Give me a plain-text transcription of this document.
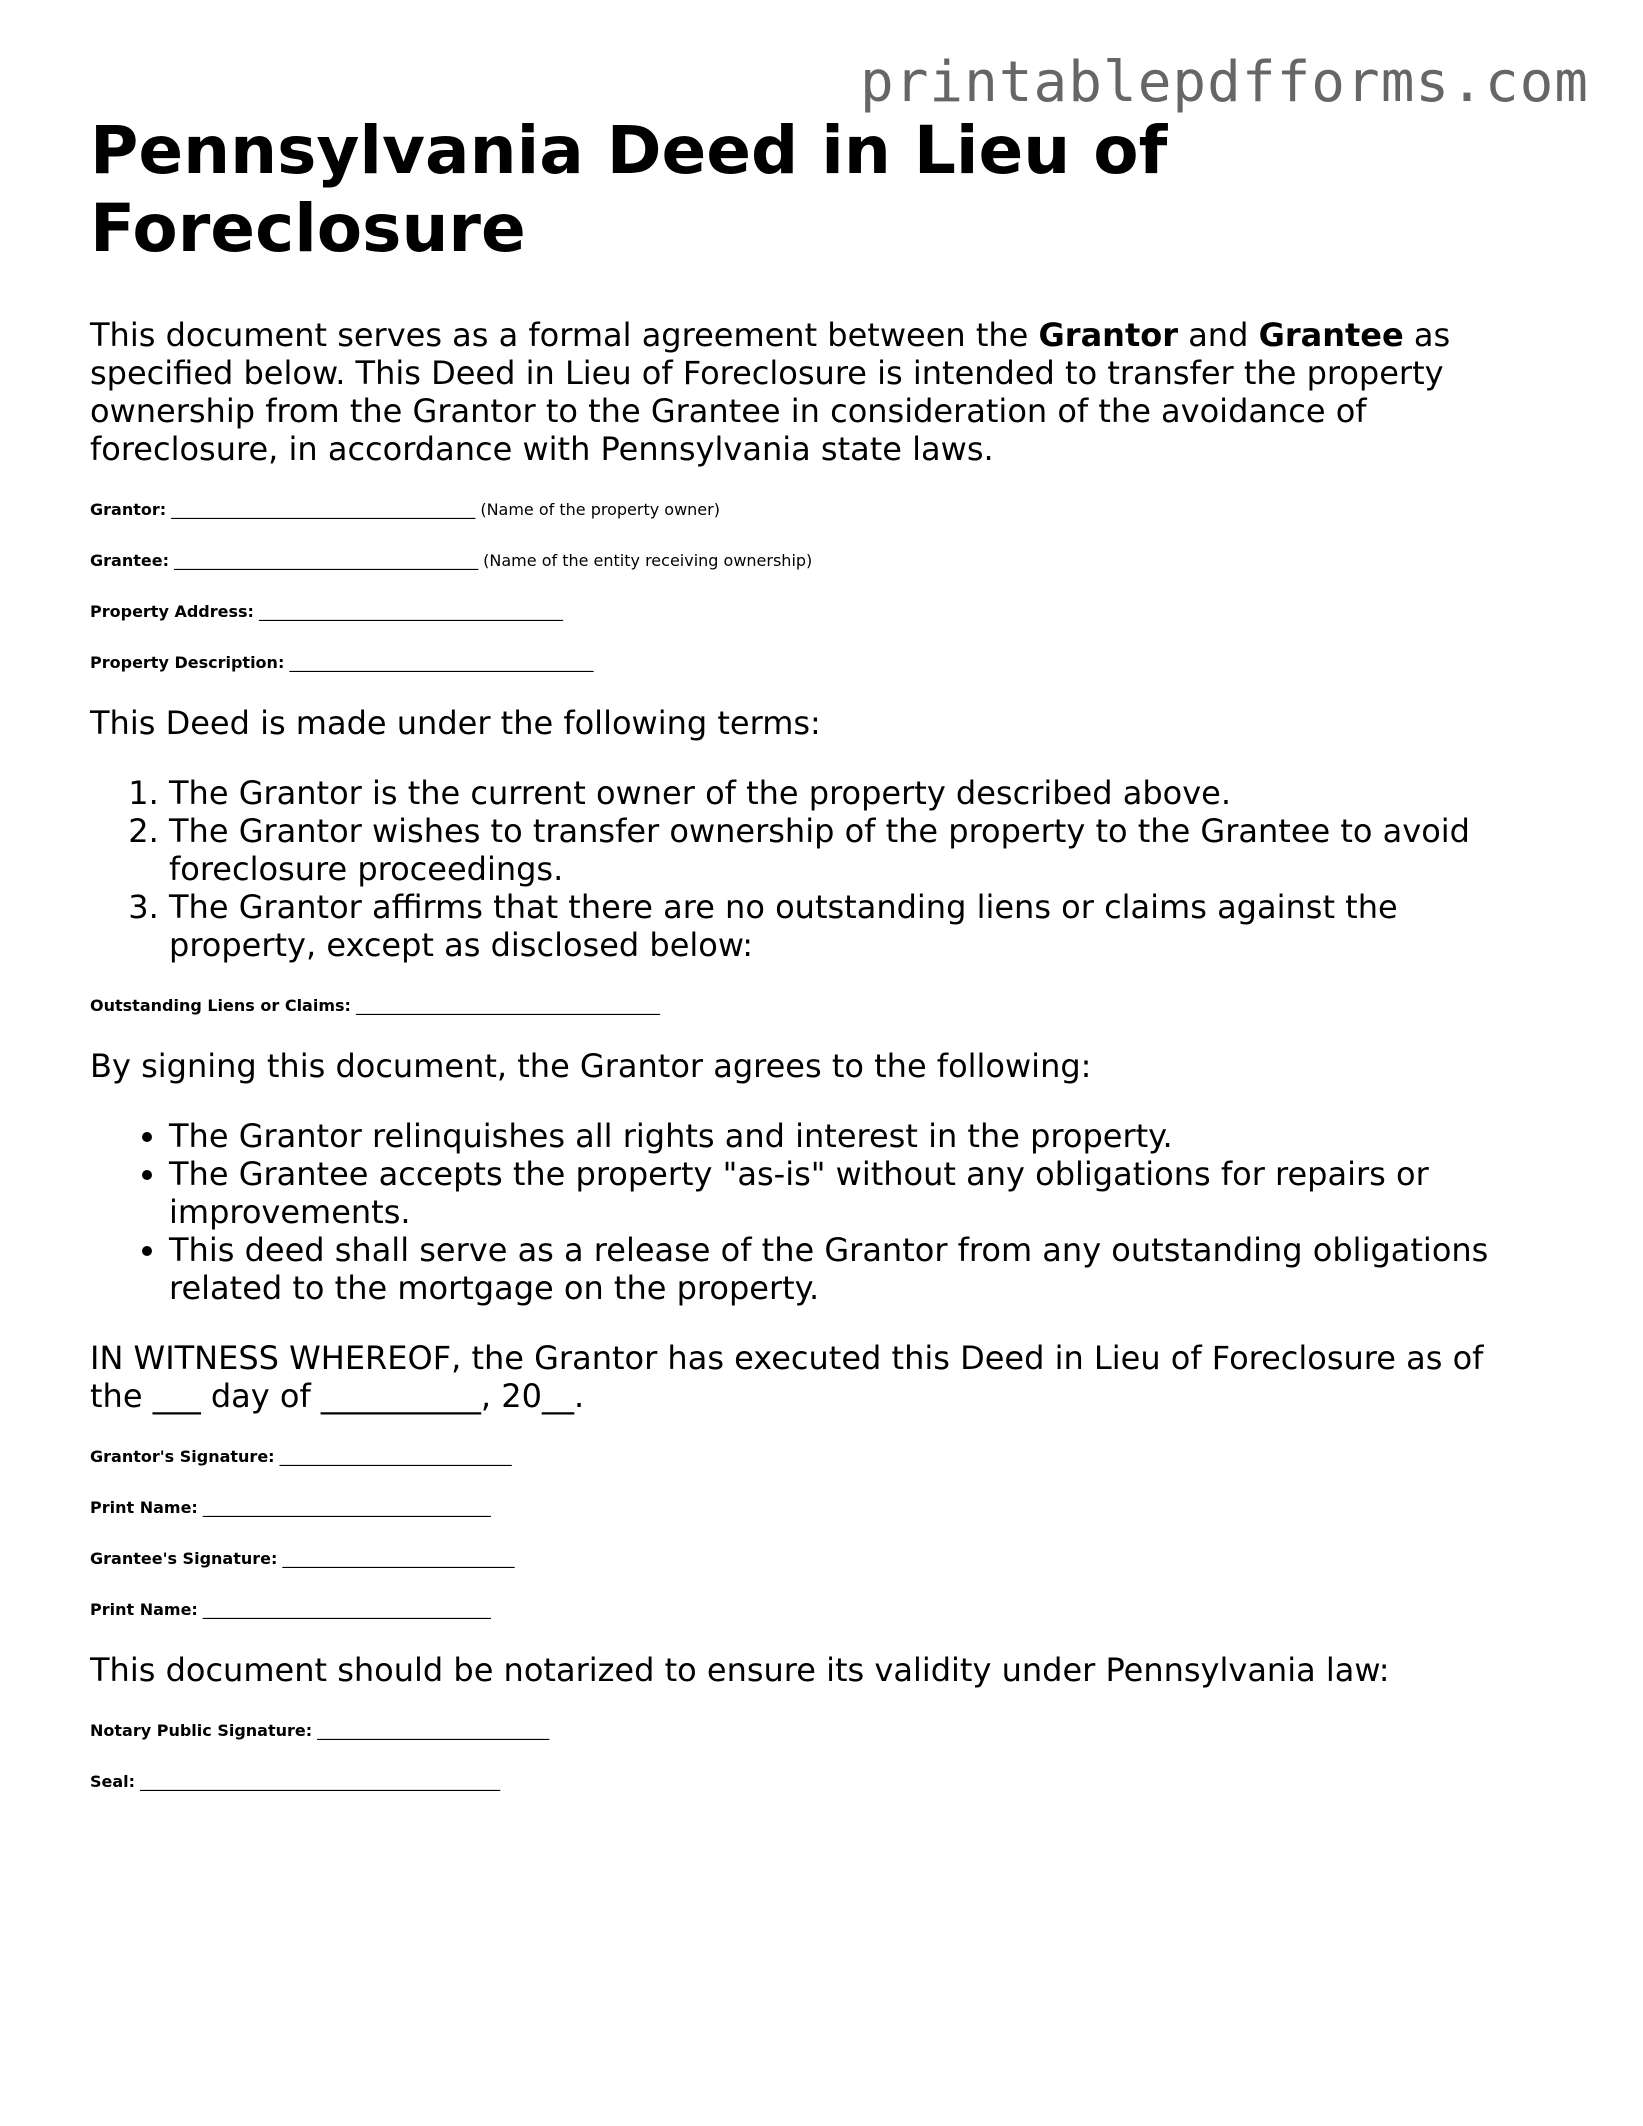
printablepdfforms.com
Pennsylvania Deed in Lieu of Foreclosure

This document serves as a formal agreement between the Grantor and Grantee as specified below. This Deed in Lieu of Foreclosure is intended to transfer the property ownership from the Grantor to the Grantee in consideration of the avoidance of foreclosure, in accordance with Pennsylvania state laws.

Grantor: ______________________________________ (Name of the property owner)
Grantee: ______________________________________ (Name of the entity receiving ownership)
Property Address: ______________________________________
Property Description: ______________________________________

This Deed is made under the following terms:

1. The Grantor is the current owner of the property described above.
2. The Grantor wishes to transfer ownership of the property to the Grantee to avoid foreclosure proceedings.
3. The Grantor affirms that there are no outstanding liens or claims against the property, except as disclosed below:
Outstanding Liens or Claims: ______________________________________

By signing this document, the Grantor agrees to the following:

• The Grantor relinquishes all rights and interest in the property.
• The Grantee accepts the property "as-is" without any obligations for repairs or improvements.
• This deed shall serve as a release of the Grantor from any outstanding obligations related to the mortgage on the property.

IN WITNESS WHEREOF, the Grantor has executed this Deed in Lieu of Foreclosure as of the ___ day of __________, 20__.

Grantor's Signature: _____________________________
Print Name: ____________________________________
Grantee's Signature: _____________________________
Print Name: ____________________________________

This document should be notarized to ensure its validity under Pennsylvania law:

Notary Public Signature: _____________________________
Seal: _____________________________________________
